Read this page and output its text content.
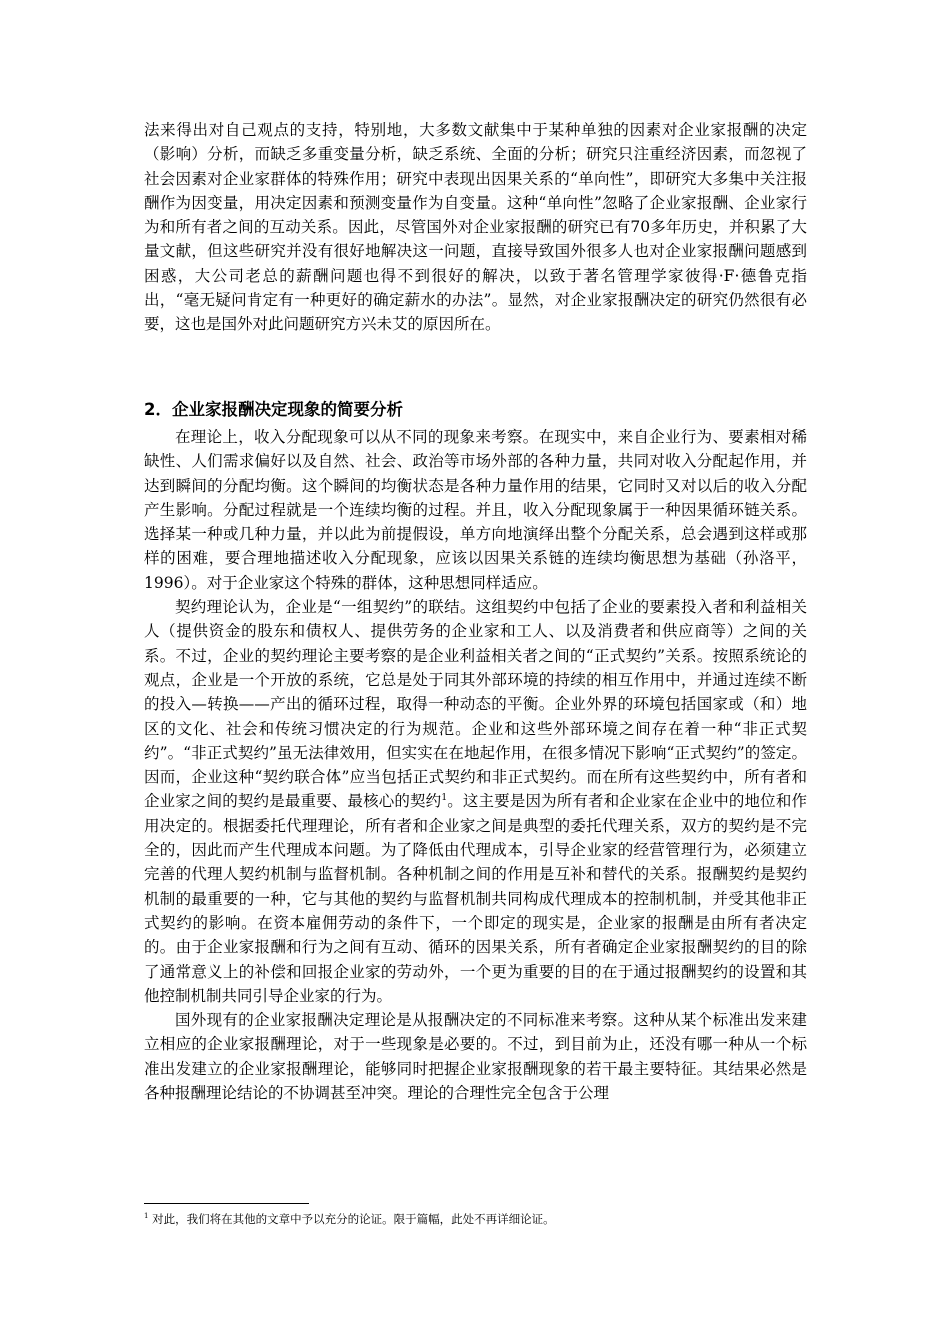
法来得出对自己观点的支持，特别地，大多数文献集中于某种单独的因素对企业家报酬的决定（影响）分析，而缺乏多重变量分析，缺乏系统、全面的分析；研究只注重经济因素，而忽视了社会因素对企业家群体的特殊作用；研究中表现出因果关系的“单向性”，即研究大多集中关注报酬作为因变量，用决定因素和预测变量作为自变量。这种“单向性”忽略了企业家报酬、企业家行为和所有者之间的互动关系。因此，尽管国外对企业家报酬的研究已有70多年历史，并积累了大量文献，但这些研究并没有很好地解决这一问题，直接导致国外很多人也对企业家报酬问题感到困惑，大公司老总的薪酬问题也得不到很好的解决，以致于著名管理学家彼得·F·德鲁克指出，“毫无疑问肯定有一种更好的确定薪水的办法”。显然，对企业家报酬决定的研究仍然很有必要，这也是国外对此问题研究方兴未艾的原因所在。

2．企业家报酬决定现象的简要分析

在理论上，收入分配现象可以从不同的现象来考察。在现实中，来自企业行为、要素相对稀缺性、人们需求偏好以及自然、社会、政治等市场外部的各种力量，共同对收入分配起作用，并达到瞬间的分配均衡。这个瞬间的均衡状态是各种力量作用的结果，它同时又对以后的收入分配产生影响。分配过程就是一个连续均衡的过程。并且，收入分配现象属于一种因果循环链关系。选择某一种或几种力量，并以此为前提假设，单方向地演绎出整个分配关系，总会遇到这样或那样的困难，要合理地描述收入分配现象，应该以因果关系链的连续均衡思想为基础（孙洛平，1996）。对于企业家这个特殊的群体，这种思想同样适应。

契约理论认为，企业是“一组契约”的联结。这组契约中包括了企业的要素投入者和利益相关人（提供资金的股东和债权人、提供劳务的企业家和工人、以及消费者和供应商等）之间的关系。不过，企业的契约理论主要考察的是企业利益相关者之间的“正式契约”关系。按照系统论的观点，企业是一个开放的系统，它总是处于同其外部环境的持续的相互作用中，并通过连续不断的投入—转换——产出的循环过程，取得一种动态的平衡。企业外界的环境包括国家或（和）地区的文化、社会和传统习惯决定的行为规范。企业和这些外部环境之间存在着一种“非正式契约”。“非正式契约”虽无法律效用，但实实在在地起作用，在很多情况下影响“正式契约”的签定。因而，企业这种“契约联合体”应当包括正式契约和非正式契约。而在所有这些契约中，所有者和企业家之间的契约是最重要、最核心的契约$^1$。这主要是因为所有者和企业家在企业中的地位和作用决定的。根据委托代理理论，所有者和企业家之间是典型的委托代理关系，双方的契约是不完全的，因此而产生代理成本问题。为了降低由代理成本，引导企业家的经营管理行为，必须建立完善的代理人契约机制与监督机制。各种机制之间的作用是互补和替代的关系。报酬契约是契约机制的最重要的一种，它与其他的契约与监督机制共同构成代理成本的控制机制，并受其他非正式契约的影响。在资本雇佣劳动的条件下，一个即定的现实是，企业家的报酬是由所有者决定的。由于企业家报酬和行为之间有互动、循环的因果关系，所有者确定企业家报酬契约的目的除了通常意义上的补偿和回报企业家的劳动外，一个更为重要的目的在于通过报酬契约的设置和其他控制机制共同引导企业家的行为。

国外现有的企业家报酬决定理论是从报酬决定的不同标准来考察。这种从某个标准出发来建立相应的企业家报酬理论，对于一些现象是必要的。不过，到目前为止，还没有哪一种从一个标准出发建立的企业家报酬理论，能够同时把握企业家报酬现象的若干最主要特征。其结果必然是各种报酬理论结论的不协调甚至冲突。理论的合理性完全包含于公理

$^1$ 对此，我们将在其他的文章中予以充分的论证。限于篇幅，此处不再详细论证。
